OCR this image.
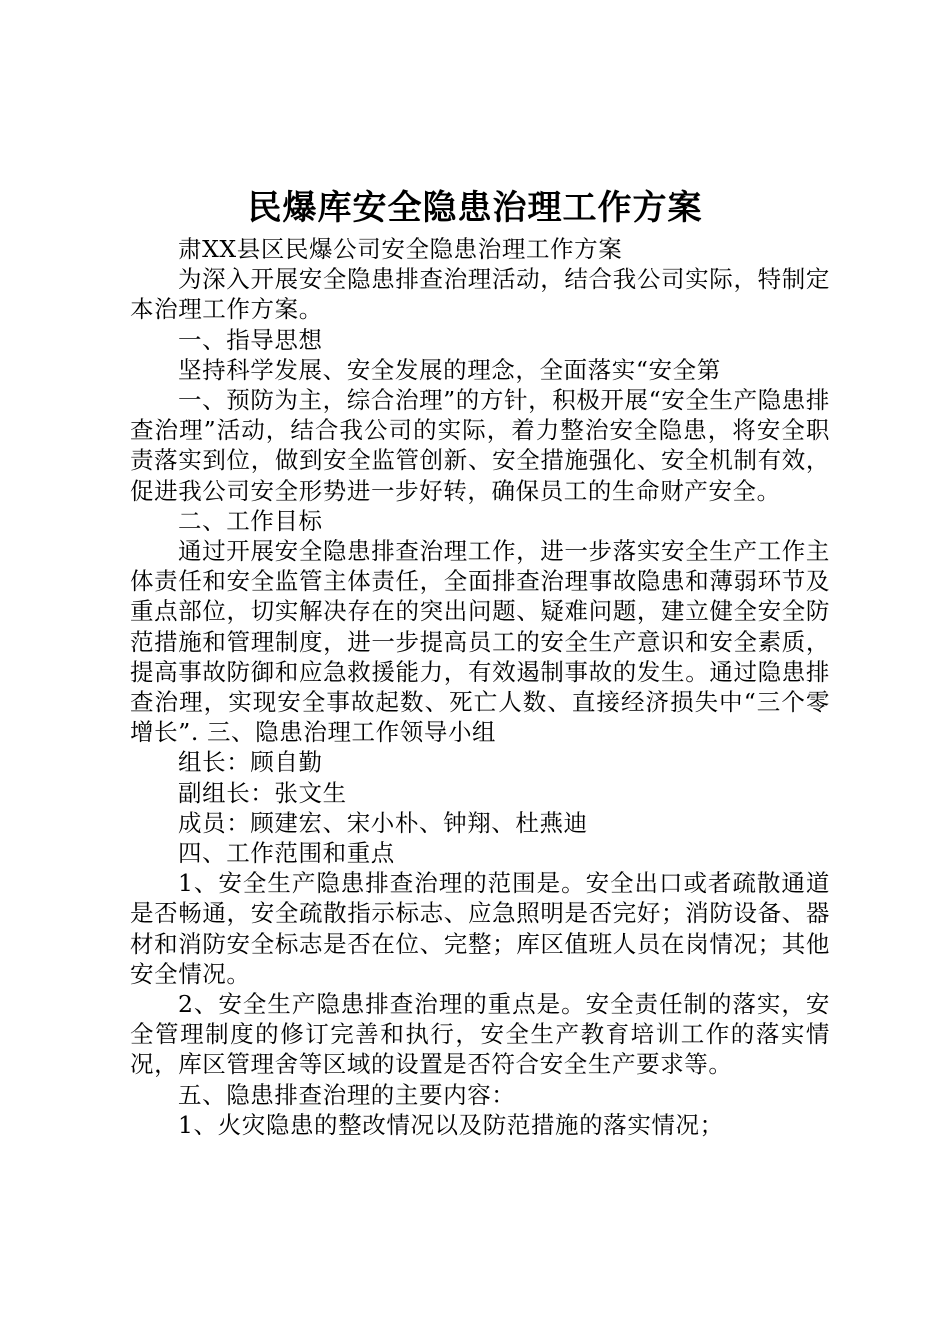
民爆库安全隐患治理工作方案

肃XX县区民爆公司安全隐患治理工作方案

为深入开展安全隐患排查治理活动，结合我公司实际，特制定本治理工作方案。

一、指导思想

坚持科学发展、安全发展的理念，全面落实“安全第

一、预防为主，综合治理”的方针，积极开展“安全生产隐患排查治理”活动，结合我公司的实际，着力整治安全隐患，将安全职责落实到位，做到安全监管创新、安全措施强化、安全机制有效，促进我公司安全形势进一步好转，确保员工的生命财产安全。

二、工作目标

通过开展安全隐患排查治理工作，进一步落实安全生产工作主体责任和安全监管主体责任，全面排查治理事故隐患和薄弱环节及重点部位，切实解决存在的突出问题、疑难问题，建立健全安全防范措施和管理制度，进一步提高员工的安全生产意识和安全素质，提高事故防御和应急救援能力，有效遏制事故的发生。通过隐患排查治理，实现安全事故起数、死亡人数、直接经济损失中“三个零增长”. 三、隐患治理工作领导小组

组长：顾自勤

副组长：张文生

成员：顾建宏、宋小朴、钟翔、杜燕迪

四、工作范围和重点

1、安全生产隐患排查治理的范围是。安全出口或者疏散通道是否畅通，安全疏散指示标志、应急照明是否完好；消防设备、器材和消防安全标志是否在位、完整；库区值班人员在岗情况；其他安全情况。

2、安全生产隐患排查治理的重点是。安全责任制的落实，安全管理制度的修订完善和执行，安全生产教育培训工作的落实情况，库区管理舍等区域的设置是否符合安全生产要求等。

五、隐患排查治理的主要内容：

1、火灾隐患的整改情况以及防范措施的落实情况；
